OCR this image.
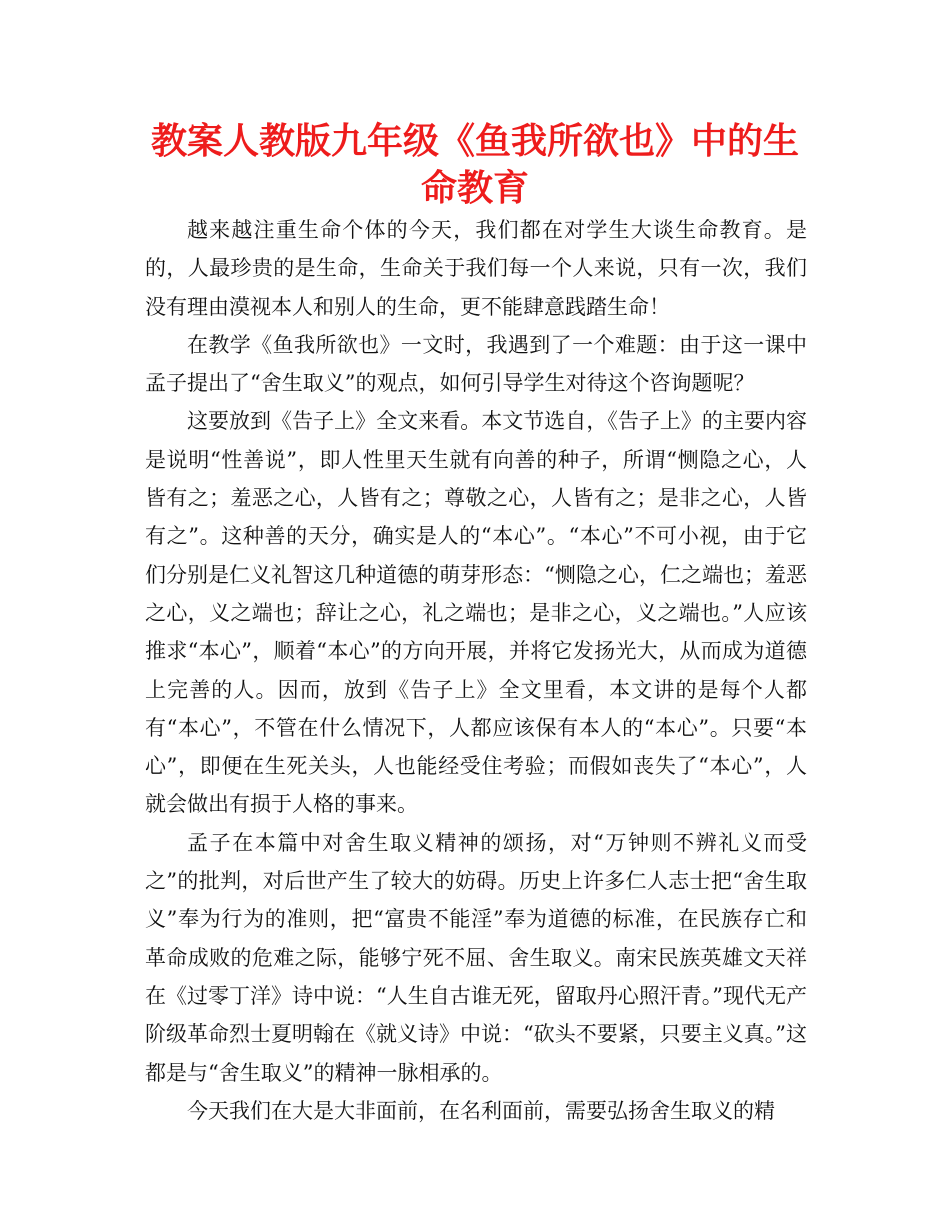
教案人教版九年级《鱼我所欲也》中的生命教育

越来越注重生命个体的今天，我们都在对学生大谈生命教育。是的，人最珍贵的是生命，生命关于我们每一个人来说，只有一次，我们没有理由漠视本人和别人的生命，更不能肆意践踏生命！

在教学《鱼我所欲也》一文时，我遇到了一个难题：由于这一课中孟子提出了“舍生取义”的观点，如何引导学生对待这个咨询题呢？

这要放到《告子上》全文来看。本文节选自，《告子上》的主要内容是说明“性善说”，即人性里天生就有向善的种子，所谓“恻隐之心，人皆有之；羞恶之心，人皆有之；尊敬之心，人皆有之；是非之心，人皆有之”。这种善的天分，确实是人的“本心”。“本心”不可小视，由于它们分别是仁义礼智这几种道德的萌芽形态：“恻隐之心，仁之端也；羞恶之心，义之端也；辞让之心，礼之端也；是非之心，义之端也。”人应该推求“本心”，顺着“本心”的方向开展，并将它发扬光大，从而成为道德上完善的人。因而，放到《告子上》全文里看，本文讲的是每个人都有“本心”，不管在什么情况下，人都应该保有本人的“本心”。只要“本心”，即便在生死关头，人也能经受住考验；而假如丧失了“本心”，人就会做出有损于人格的事来。

孟子在本篇中对舍生取义精神的颂扬，对“万钟则不辨礼义而受之”的批判，对后世产生了较大的妨碍。历史上许多仁人志士把“舍生取义”奉为行为的准则，把“富贵不能淫”奉为道德的标准，在民族存亡和革命成败的危难之际，能够宁死不屈、舍生取义。南宋民族英雄文天祥在《过零丁洋》诗中说：“人生自古谁无死，留取丹心照汗青。”现代无产阶级革命烈士夏明翰在《就义诗》中说：“砍头不要紧，只要主义真。”这都是与“舍生取义”的精神一脉相承的。

今天我们在大是大非面前，在名利面前，需要弘扬舍生取义的精
